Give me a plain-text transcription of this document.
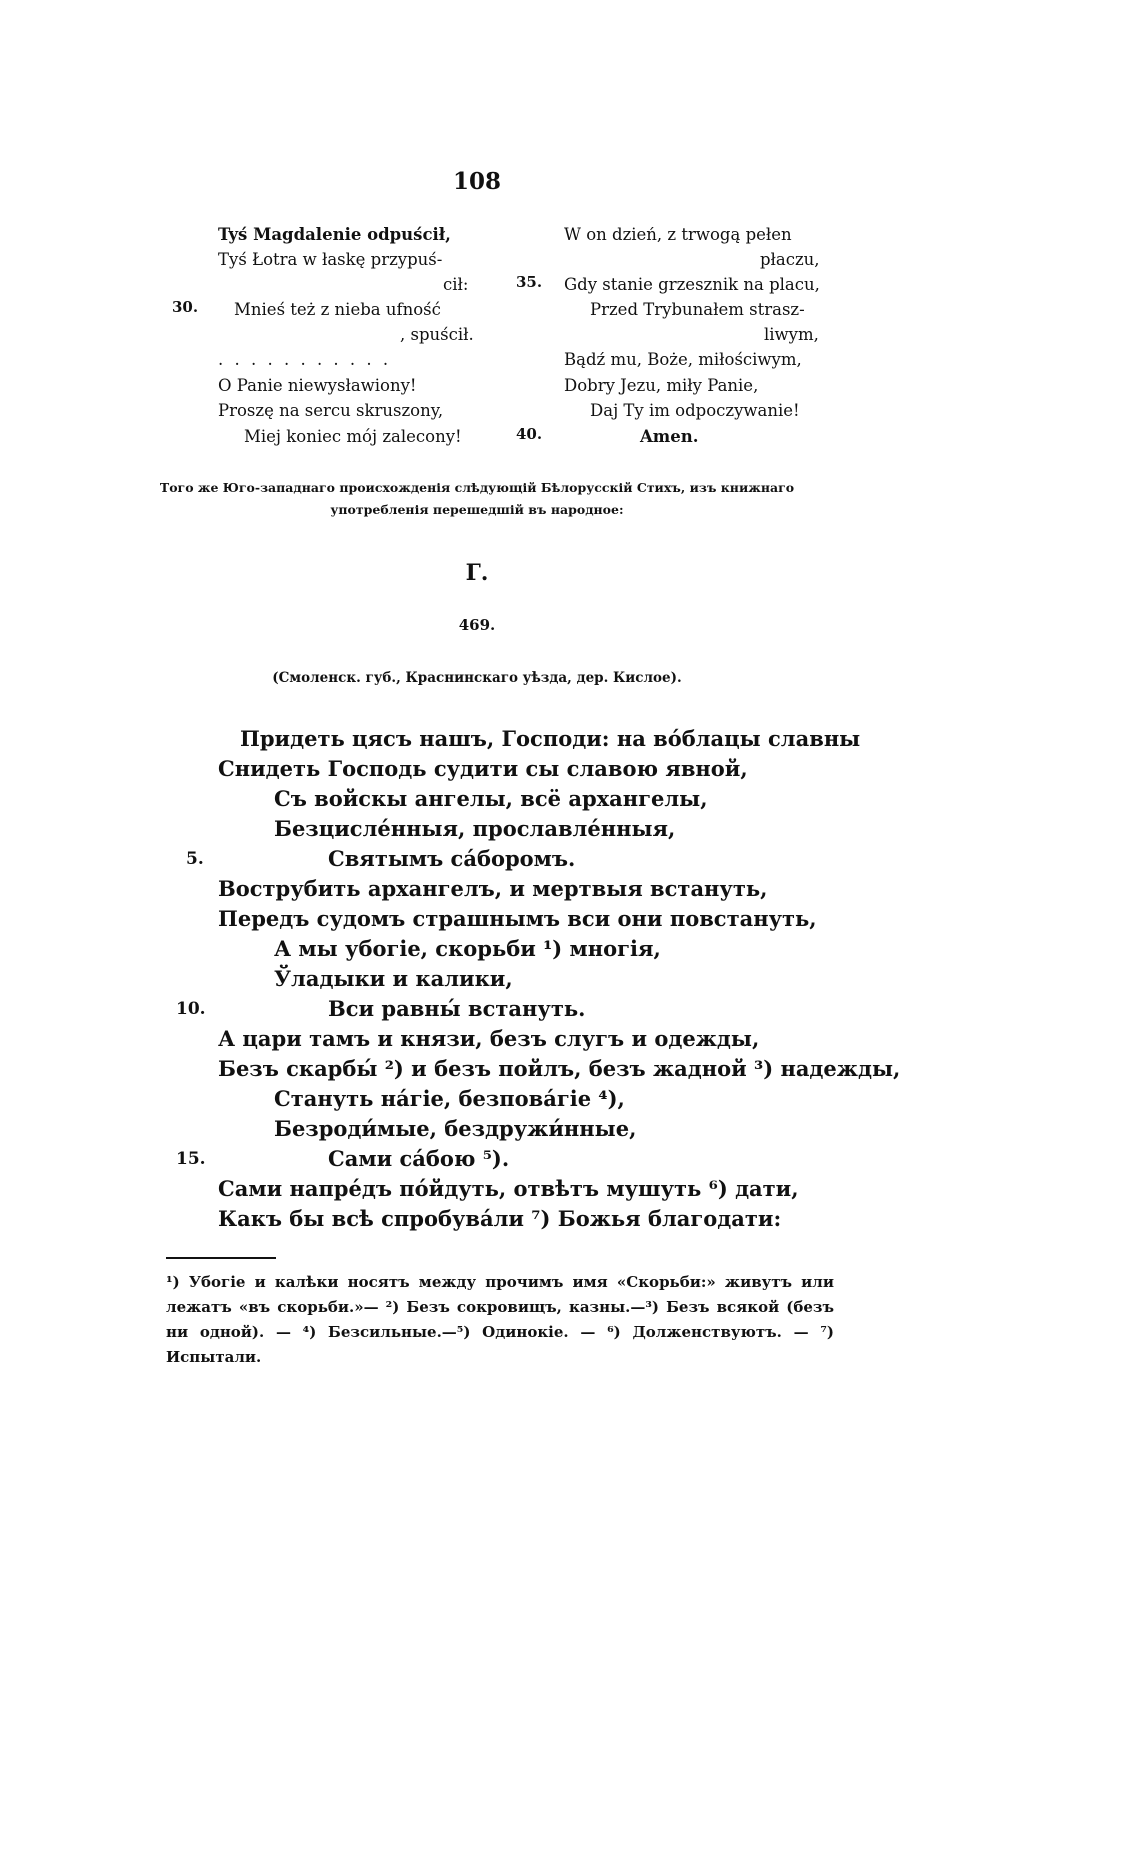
108
Tyś Magdalenie odpuścił,
Tyś Łotra w łaskę przypuś-
cił:
30. Mnieś też z nieba ufność
, spuścił.
. . . . . . . . . . .
O Panie niewysławiony!
Proszę na sercu skruszony,
Miej koniec mój zalecony!
W on dzień, z trwogą pełen
płaczu,
35. Gdy stanie grzesznik na placu,
Przed Trybunałem strasz-
liwym,
Bądź mu, Boże, miłościwym,
Dobry Jezu, miły Panie,
Daj Ty im odpoczywanie!
40.	Amen.
Того же Юго-западнаго происхожденія слѣдующій Бѣлорусскій Стихъ, изъ книжнаго
употребленія перешедшій въ народное:
Г.
469.
(Смоленск. губ., Краснинскаго уѣзда, дер. Кислое).
Придеть цясъ нашъ, Господи: на вóблацы славны
Снидеть Господь судити сы славою явной,
Съ войскы ангелы, всё архангелы,
Безцисле́нныя, прославле́нныя,
5.	Святымъ сáборомъ.
Вострубить архангелъ, и мертвыя встануть,
Передъ судомъ страшнымъ вси они повстануть,
А мы убогіе, скорьби ¹) многія,
Ўладыки и калики,
10.	Вси равны́ встануть.
А цари тамъ и князи, безъ слугъ и одежды,
Безъ скарбы́ ²) и безъ пойлъ, безъ жадной ³) надежды,
Стануть нáгіе, безповáгіе ⁴),
Безроди́мые, бездружи́нные,
15.	Сами сáбою ⁵).
Сами напре́дъ по́йдуть, отвѣтъ мушуть ⁶) дати,
Какъ бы всѣ спробувáли ⁷) Божья благодати:
¹) Убогіе и калѣки носятъ между прочимъ имя «Скорьби:» живутъ или лежатъ «въ скорьби.»— ²) Безъ сокровищъ, казны.—³) Безъ всякой (безъ ни одной). — ⁴) Безсильные.—⁵) Одинокіе. — ⁶) Долженствуютъ. — ⁷) Испытали.
